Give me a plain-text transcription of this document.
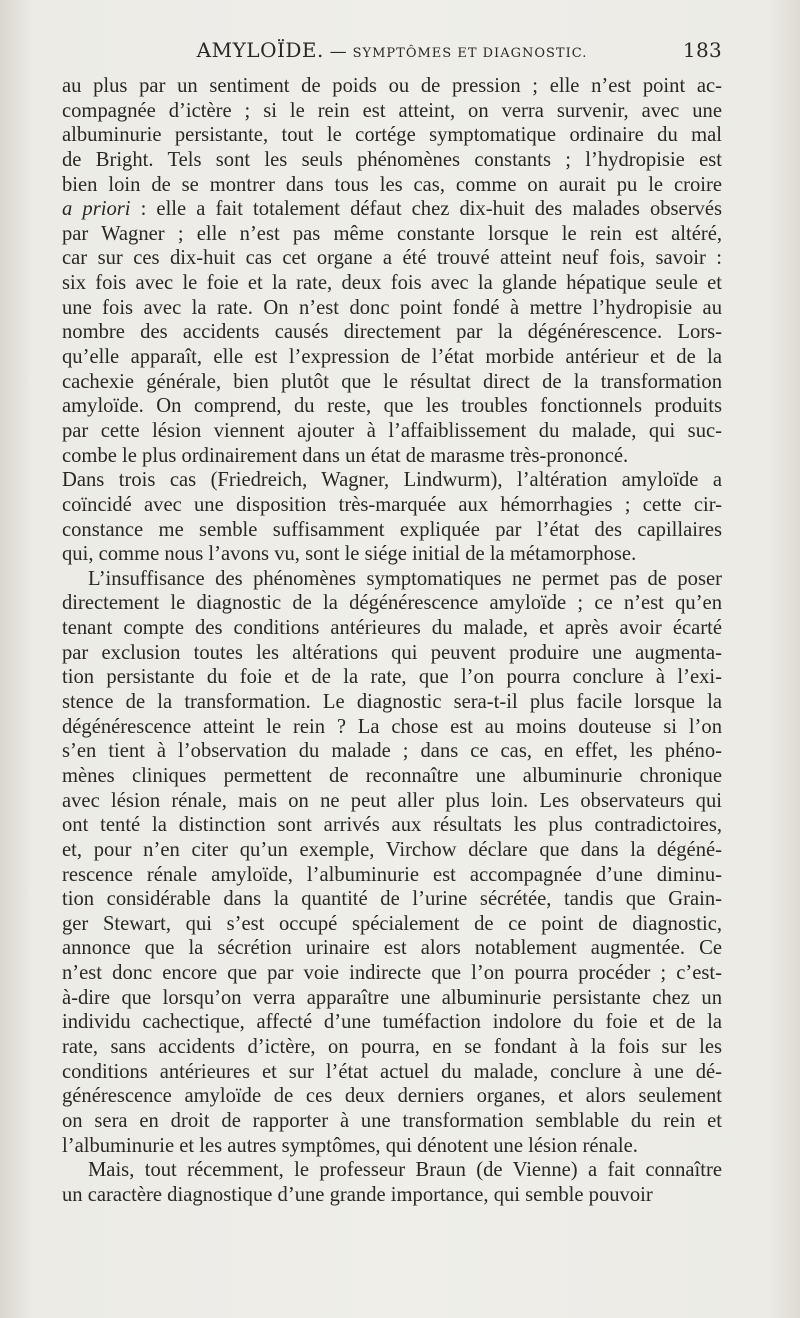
AMYLOÏDE. — SYMPTÔMES ET DIAGNOSTIC.	183
au plus par un sentiment de poids ou de pression ; elle n’est point ac-
compagnée d’ictère ; si le rein est atteint, on verra survenir, avec une
albuminurie persistante, tout le cortége symptomatique ordinaire du mal
de Bright. Tels sont les seuls phénomènes constants ; l’hydropisie est
bien loin de se montrer dans tous les cas, comme on aurait pu le croire
a priori : elle a fait totalement défaut chez dix-huit des malades observés
par Wagner ; elle n’est pas même constante lorsque le rein est altéré,
car sur ces dix-huit cas cet organe a été trouvé atteint neuf fois, savoir :
six fois avec le foie et la rate, deux fois avec la glande hépatique seule et
une fois avec la rate. On n’est donc point fondé à mettre l’hydropisie au
nombre des accidents causés directement par la dégénérescence. Lors-
qu’elle apparaît, elle est l’expression de l’état morbide antérieur et de la
cachexie générale, bien plutôt que le résultat direct de la transformation
amyloïde. On comprend, du reste, que les troubles fonctionnels produits
par cette lésion viennent ajouter à l’affaiblissement du malade, qui suc-
combe le plus ordinairement dans un état de marasme très-prononcé.
Dans trois cas (Friedreich, Wagner, Lindwurm), l’altération amyloïde a
coïncidé avec une disposition très-marquée aux hémorrhagies ; cette cir-
constance me semble suffisamment expliquée par l’état des capillaires
qui, comme nous l’avons vu, sont le siége initial de la métamorphose.
L’insuffisance des phénomènes symptomatiques ne permet pas de poser
directement le diagnostic de la dégénérescence amyloïde ; ce n’est qu’en
tenant compte des conditions antérieures du malade, et après avoir écarté
par exclusion toutes les altérations qui peuvent produire une augmenta-
tion persistante du foie et de la rate, que l’on pourra conclure à l’exi-
stence de la transformation. Le diagnostic sera-t-il plus facile lorsque la
dégénérescence atteint le rein ? La chose est au moins douteuse si l’on
s’en tient à l’observation du malade ; dans ce cas, en effet, les phéno-
mènes cliniques permettent de reconnaître une albuminurie chronique
avec lésion rénale, mais on ne peut aller plus loin. Les observateurs qui
ont tenté la distinction sont arrivés aux résultats les plus contradictoires,
et, pour n’en citer qu’un exemple, Virchow déclare que dans la dégéné-
rescence rénale amyloïde, l’albuminurie est accompagnée d’une diminu-
tion considérable dans la quantité de l’urine sécrétée, tandis que Grain-
ger Stewart, qui s’est occupé spécialement de ce point de diagnostic,
annonce que la sécrétion urinaire est alors notablement augmentée. Ce
n’est donc encore que par voie indirecte que l’on pourra procéder ; c’est-
à-dire que lorsqu’on verra apparaître une albuminurie persistante chez un
individu cachectique, affecté d’une tuméfaction indolore du foie et de la
rate, sans accidents d’ictère, on pourra, en se fondant à la fois sur les
conditions antérieures et sur l’état actuel du malade, conclure à une dé-
générescence amyloïde de ces deux derniers organes, et alors seulement
on sera en droit de rapporter à une transformation semblable du rein et
l’albuminurie et les autres symptômes, qui dénotent une lésion rénale.
Mais, tout récemment, le professeur Braun (de Vienne) a fait connaître
un caractère diagnostique d’une grande importance, qui semble pouvoir
